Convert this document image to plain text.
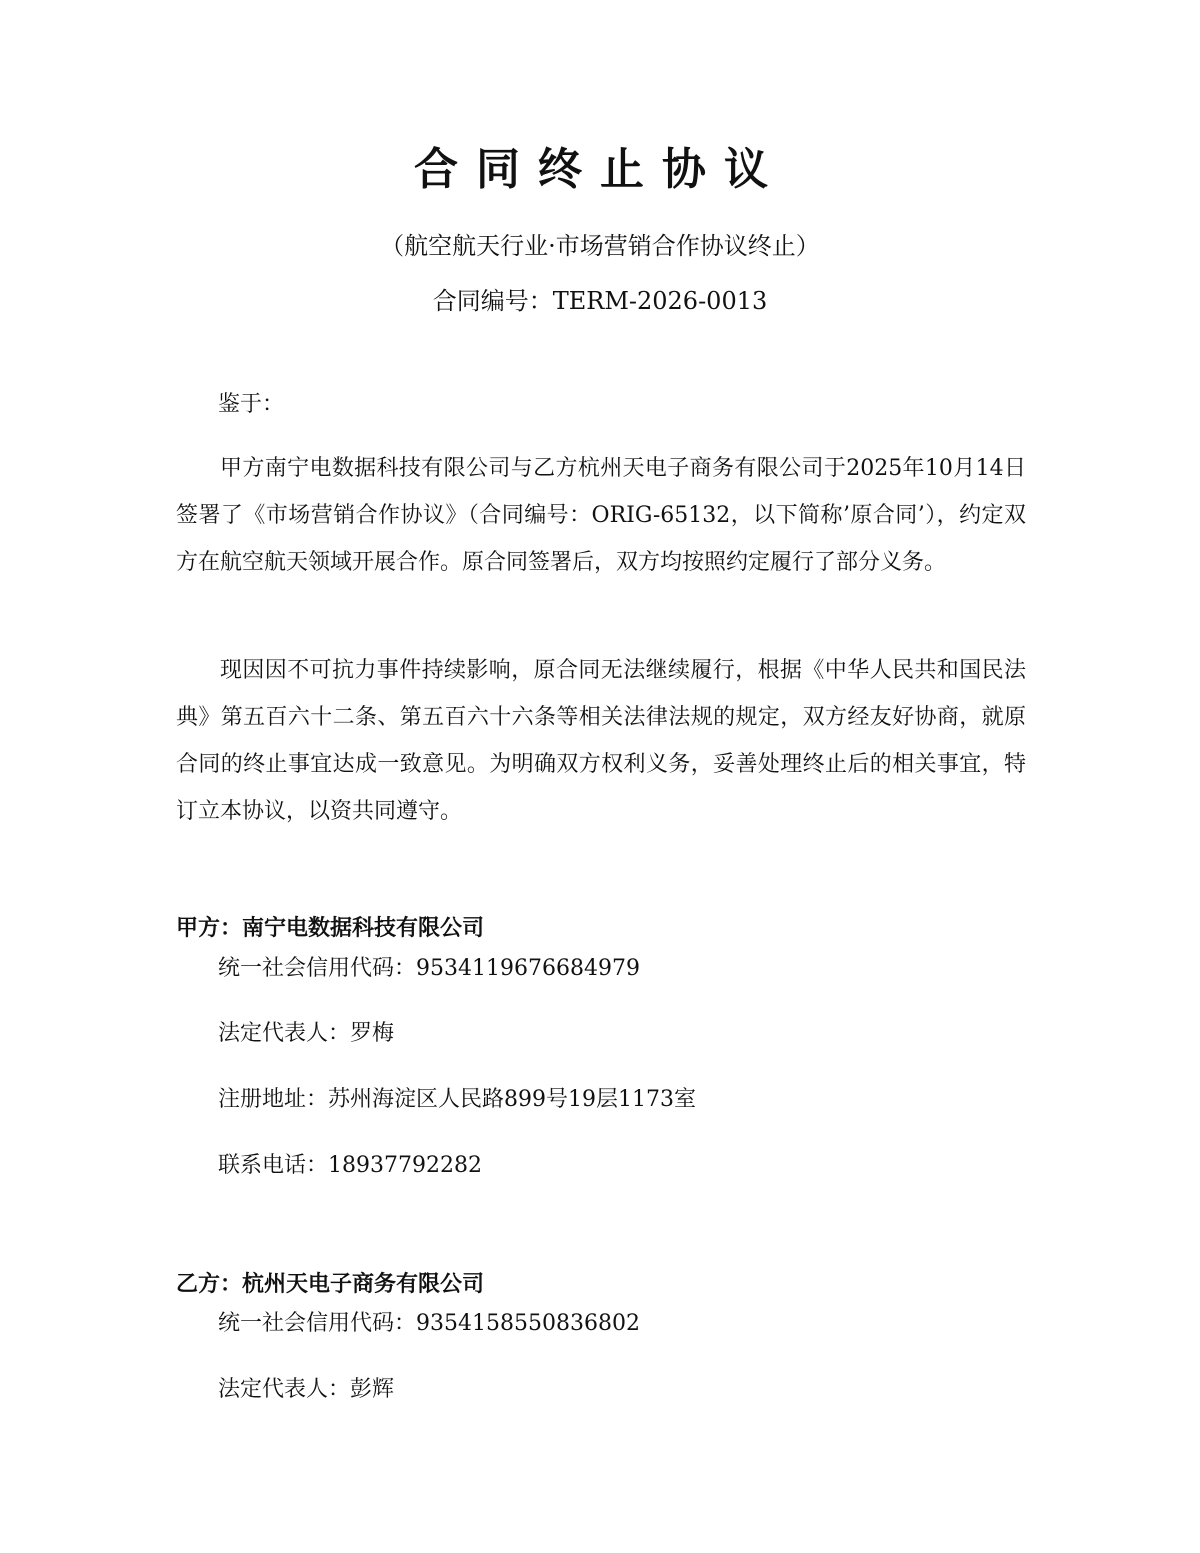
合同终止协议
（航空航天行业·市场营销合作协议终止）
合同编号：TERM-2026-0013
鉴于：

甲方南宁电数据科技有限公司与乙方杭州天电子商务有限公司于2025年10月14日签署了《市场营销合作协议》（合同编号：ORIG-65132，以下简称’原合同’），约定双方在航空航天领域开展合作。原合同签署后，双方均按照约定履行了部分义务。

现因因不可抗力事件持续影响，原合同无法继续履行，根据《中华人民共和国民法典》第五百六十二条、第五百六十六条等相关法律法规的规定，双方经友好协商，就原合同的终止事宜达成一致意见。为明确双方权利义务，妥善处理终止后的相关事宜，特订立本协议，以资共同遵守。

甲方：南宁电数据科技有限公司
统一社会信用代码：9534119676684979
法定代表人：罗梅
注册地址：苏州海淀区人民路899号19层1173室
联系电话：18937792282
乙方：杭州天电子商务有限公司
统一社会信用代码：9354158550836802
法定代表人：彭辉
